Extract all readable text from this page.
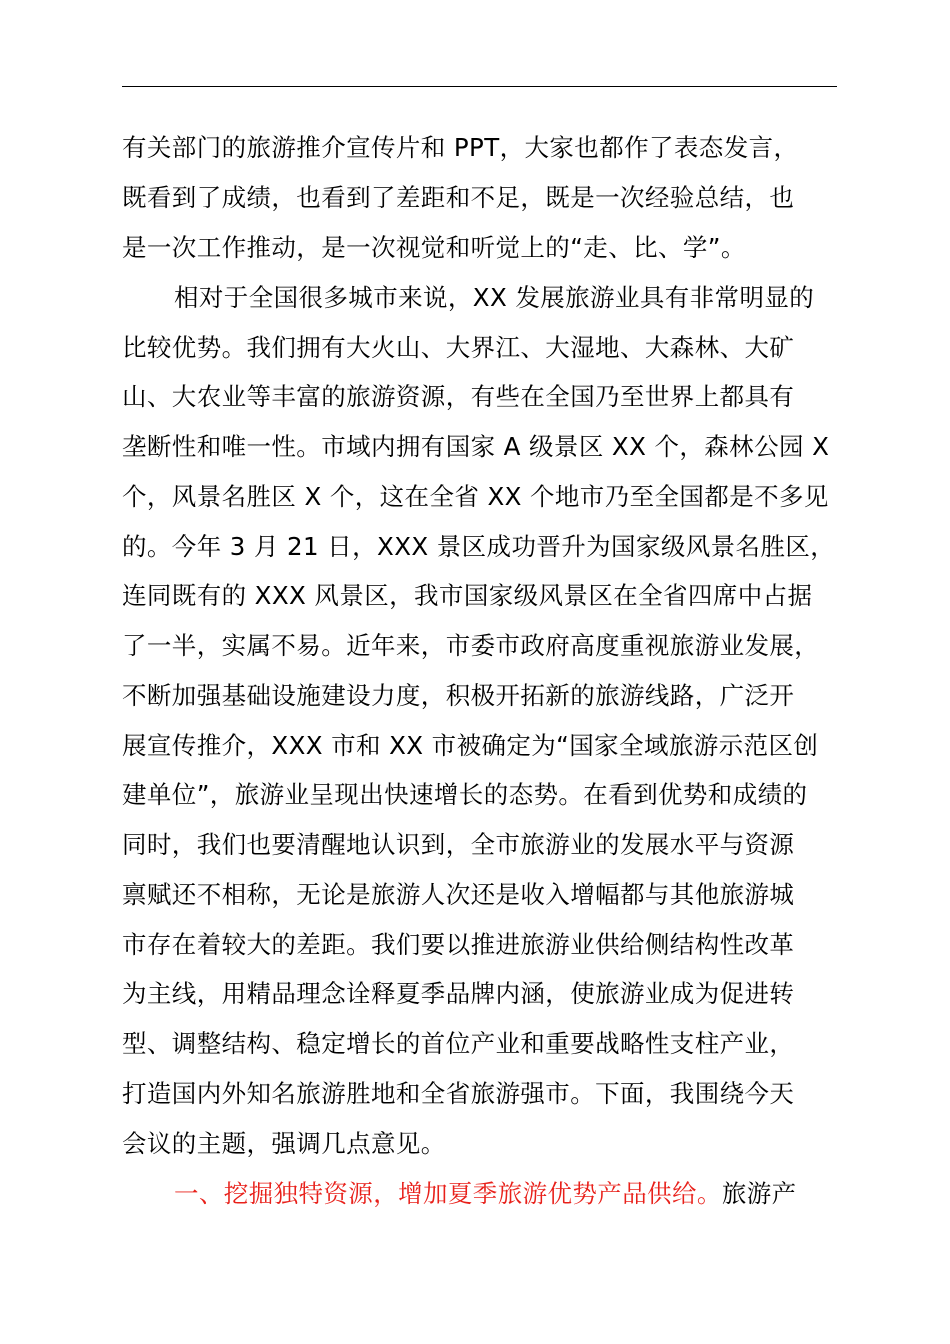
有关部门的旅游推介宣传片和 PPT，大家也都作了表态发言，
既看到了成绩，也看到了差距和不足，既是一次经验总结，也
是一次工作推动，是一次视觉和听觉上的“走、比、学”。
相对于全国很多城市来说，XX 发展旅游业具有非常明显的
比较优势。我们拥有大火山、大界江、大湿地、大森林、大矿
山、大农业等丰富的旅游资源，有些在全国乃至世界上都具有
垄断性和唯一性。市域内拥有国家 A 级景区 XX 个，森林公园 X
个，风景名胜区 X 个，这在全省 XX 个地市乃至全国都是不多见
的。今年 3 月 21 日，XXX 景区成功晋升为国家级风景名胜区，
连同既有的 XXX 风景区，我市国家级风景区在全省四席中占据
了一半，实属不易。近年来，市委市政府高度重视旅游业发展，
不断加强基础设施建设力度，积极开拓新的旅游线路，广泛开
展宣传推介，XXX 市和 XX 市被确定为“国家全域旅游示范区创
建单位”，旅游业呈现出快速增长的态势。在看到优势和成绩的
同时，我们也要清醒地认识到，全市旅游业的发展水平与资源
禀赋还不相称，无论是旅游人次还是收入增幅都与其他旅游城
市存在着较大的差距。我们要以推进旅游业供给侧结构性改革
为主线，用精品理念诠释夏季品牌内涵，使旅游业成为促进转
型、调整结构、稳定增长的首位产业和重要战略性支柱产业，
打造国内外知名旅游胜地和全省旅游强市。下面，我围绕今天
会议的主题，强调几点意见。
一、挖掘独特资源，增加夏季旅游优势产品供给。旅游产
